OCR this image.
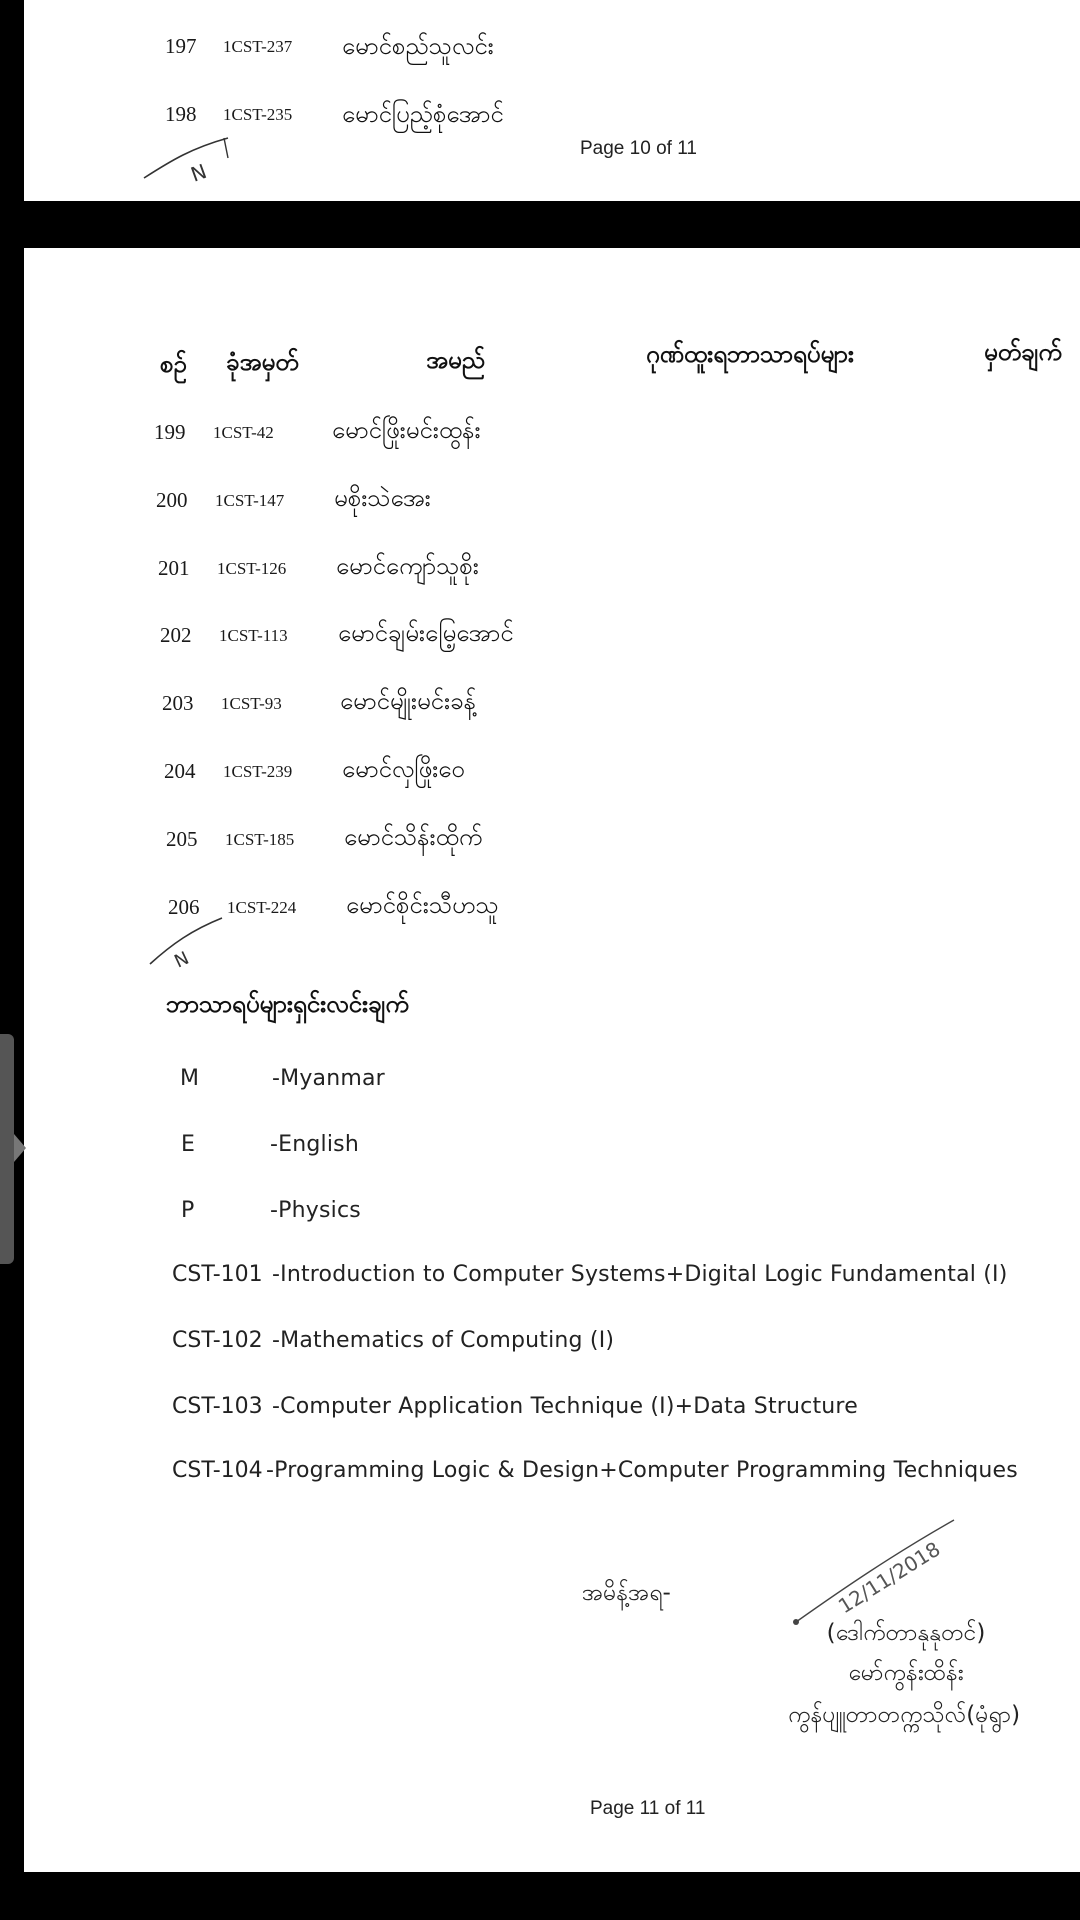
197 1CST-237 မောင်စည်သူလင်း
198 1CST-235 မောင်ပြည့်စုံအောင်
N
Page 10 of 11
စဉ် ခုံအမှတ်	အမည်	ဂုဏ်ထူးရဘာသာရပ်များ	မှတ်ချက်
199 1CST-42 မောင်ဖြိုးမင်းထွန်း
200 1CST-147 မစိုးသဲအေး
201 1CST-126 မောင်ကျော်သူစိုး
202 1CST-113 မောင်ချမ်းမြေ့အောင်
203 1CST-93 မောင်မျိုးမင်းခန့်
204 1CST-239 မောင်လှဖြိုးဝေ
205 1CST-185 မောင်သိန်းထိုက်
206 1CST-224 မောင်စိုင်းသီဟသူ
N
ဘာသာရပ်များရှင်းလင်းချက်
M	-Myanmar
E	-English
P	-Physics
CST-101 -Introduction to Computer Systems+Digital Logic Fundamental (I)
CST-102 -Mathematics of Computing (I)
CST-103 -Computer Application Technique (I)+Data Structure
CST-104 -Programming Logic & Design+Computer Programming Techniques
အမိန့်အရ-	12/11/2018
(ဒေါက်တာနုနုတင်)
မော်ကွန်းထိန်း
ကွန်ပျူတာတက္ကသိုလ်(မုံရွာ)
Page 11 of 11
